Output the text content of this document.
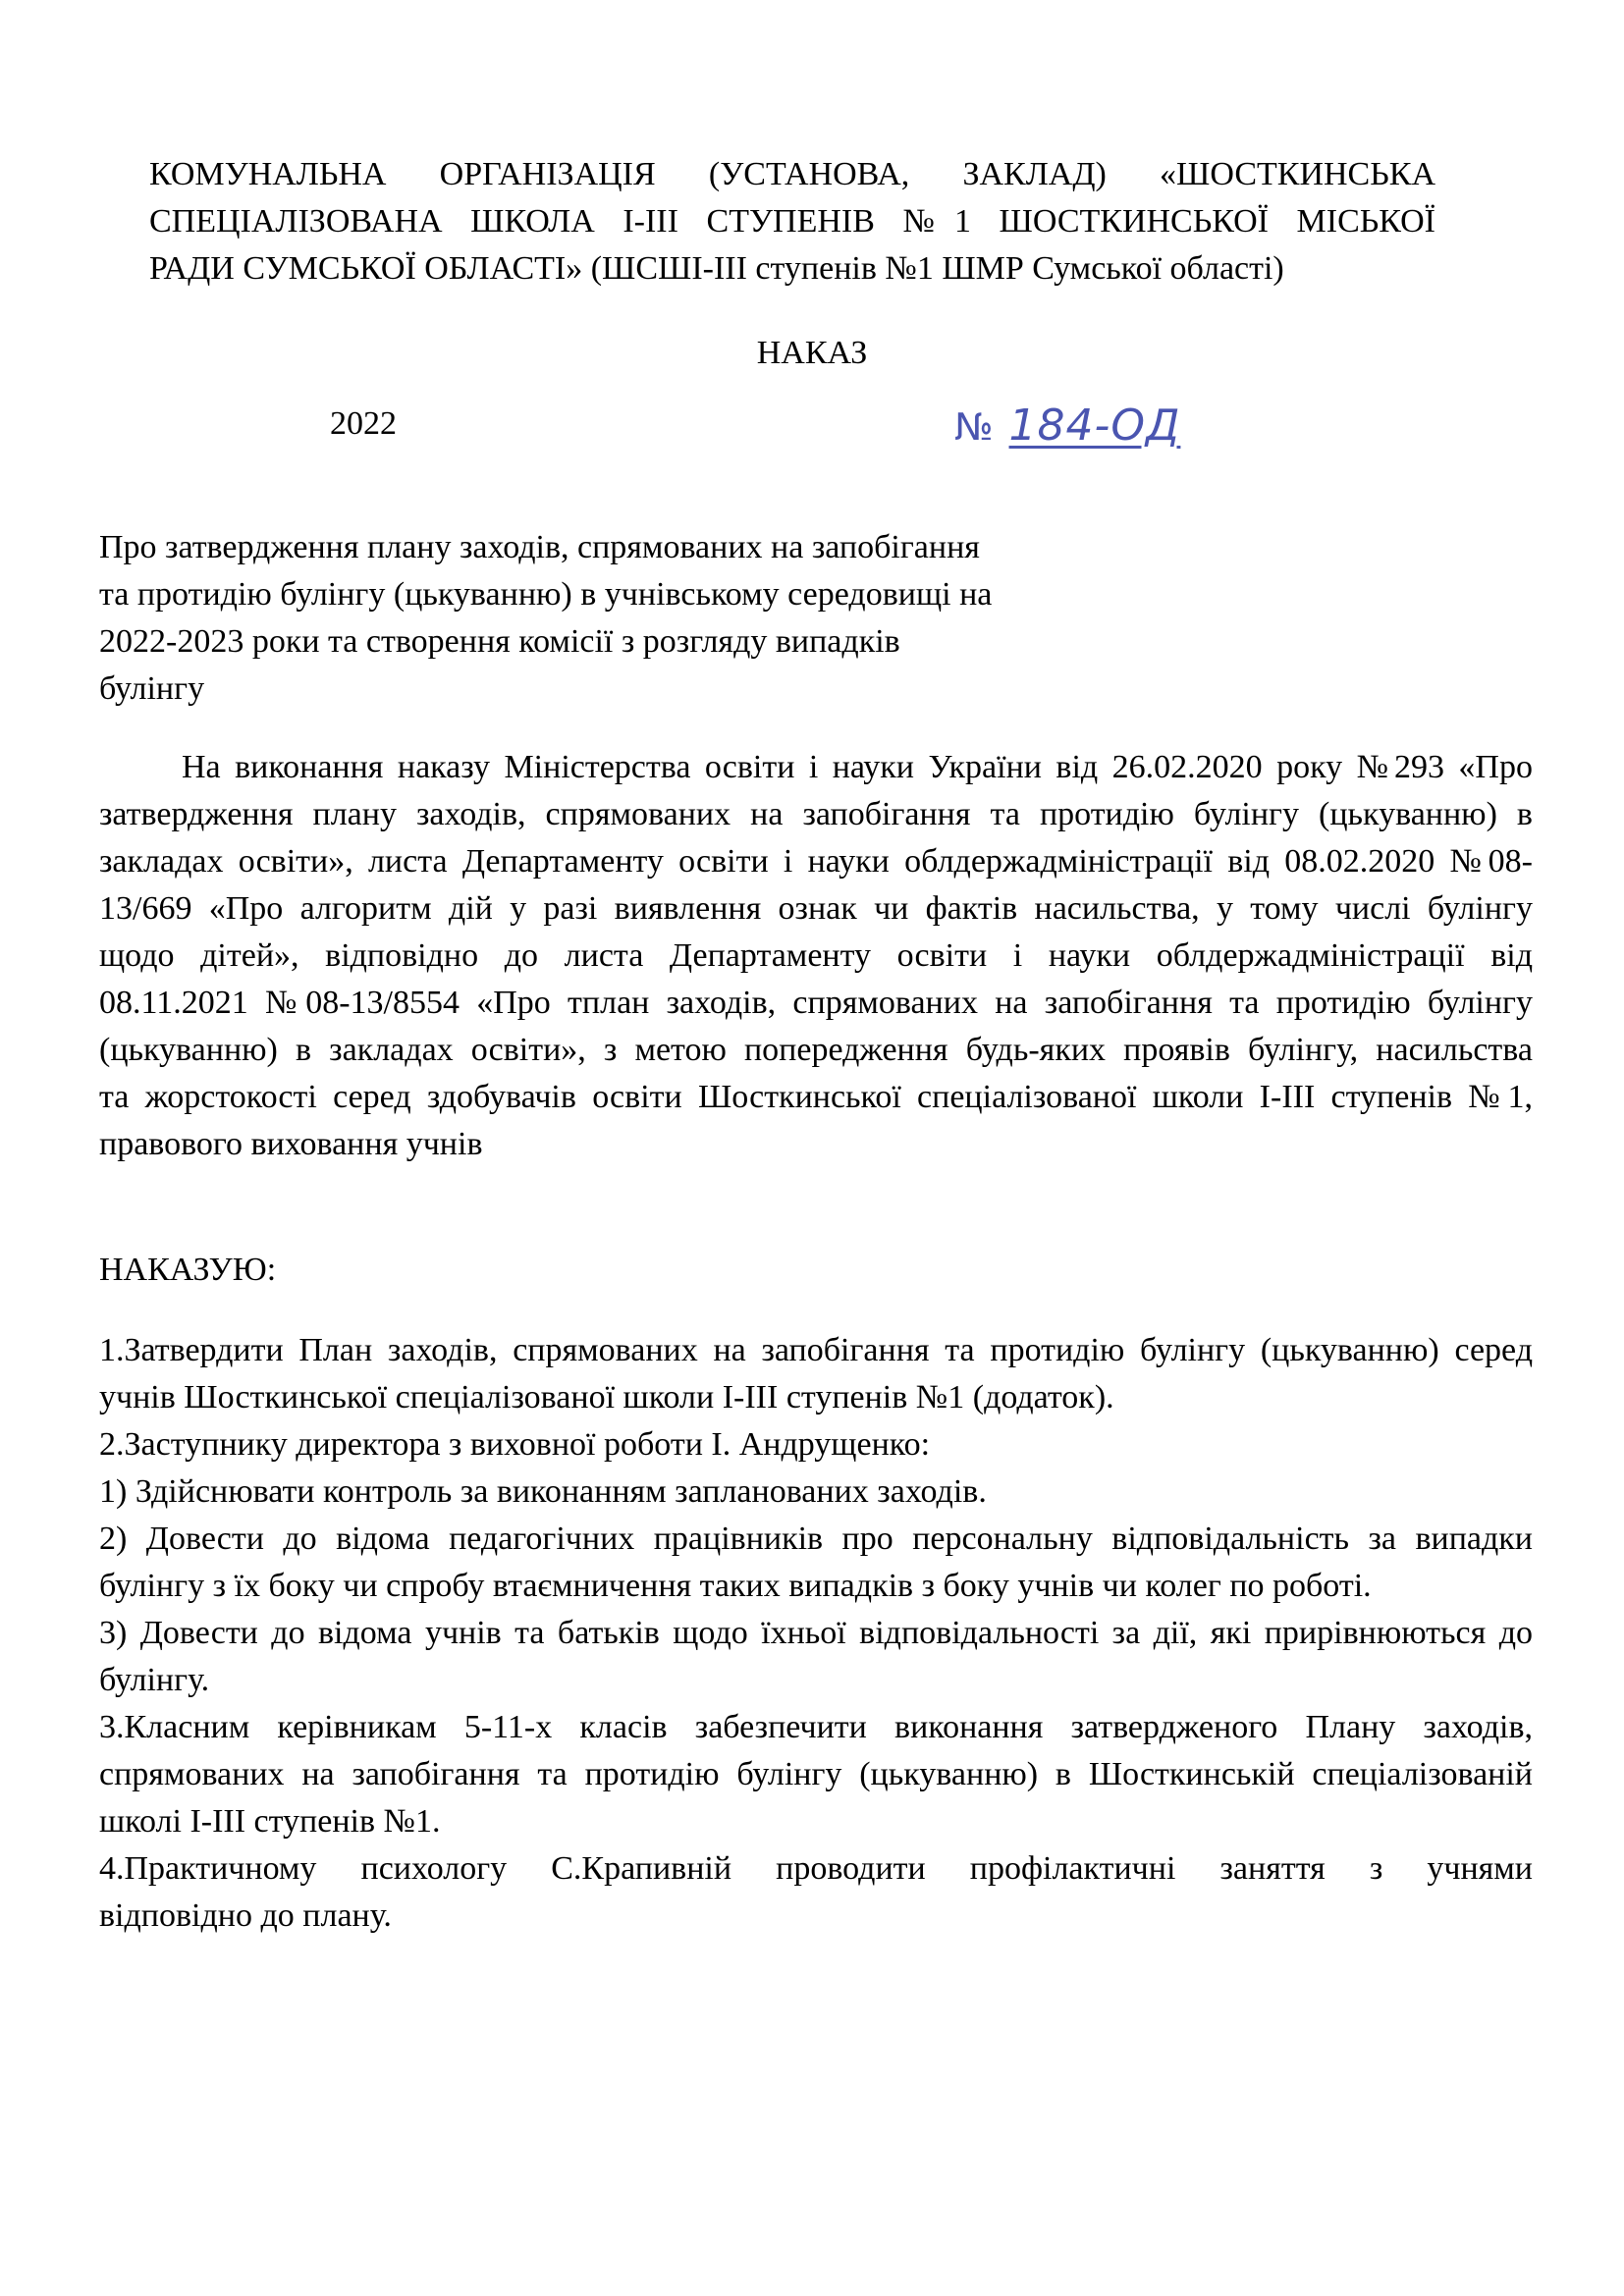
КОМУНАЛЬНА ОРГАНІЗАЦІЯ (УСТАНОВА, ЗАКЛАД) «ШОСТКИНСЬКА
СПЕЦІАЛІЗОВАНА ШКОЛА І-ІІІ СТУПЕНІВ №1 ШОСТКИНСЬКОЇ МІСЬКОЇ
РАДИ СУМСЬКОЇ ОБЛАСТІ» (ШСШІ-ІІІ ступенів №1 ШМР Сумської області)
НАКАЗ
2022	№ 184-ОД
Про затвердження плану заходів, спрямованих на запобігання
та протидію булінгу (цькуванню) в учнівському середовищі на
2022-2023 роки та створення комісії з розгляду випадків
булінгу
На виконання наказу Міністерства освіти і науки України від 26.02.2020 року №293 «Про
затвердження плану заходів, спрямованих на запобігання та протидію булінгу (цькуванню) в
закладах освіти», листа Департаменту освіти і науки облдержадміністрації від 08.02.2020 №08-
13/669 «Про алгоритм дій у разі виявлення ознак чи фактів насильства, у тому числі булінгу
щодо дітей», відповідно до листа Департаменту освіти і науки облдержадміністрації від
08.11.2021 №08-13/8554 «Про тплан заходів, спрямованих на запобігання та протидію булінгу
(цькуванню) в закладах освіти», з метою попередження будь-яких проявів булінгу, насильства
та жорстокості серед здобувачів освіти Шосткинської спеціалізованої школи І-ІІІ ступенів №1,
правового виховання учнів
НАКАЗУЮ:
1.Затвердити План заходів, спрямованих на запобігання та протидію булінгу (цькуванню) серед
учнів Шосткинської спеціалізованої школи І-ІІІ ступенів №1 (додаток).
2.Заступнику директора з виховної роботи І. Андрущенко:
1) Здійснювати контроль за виконанням запланованих заходів.
2) Довести до відома педагогічних працівників про персональну відповідальність за випадки
булінгу з їх боку чи спробу втаємничення таких випадків з боку учнів чи колег по роботі.
3) Довести до відома учнів та батьків щодо їхньої відповідальності за дії, які прирівнюються до
булінгу.
3.Класним керівникам 5-11-х класів забезпечити виконання затвердженого Плану заходів,
спрямованих на запобігання та протидію булінгу (цькуванню) в Шосткинській спеціалізованій
школі І-ІІІ ступенів №1.
4.Практичному психологу С.Крапивній проводити профілактичні заняття з учнями
відповідно до плану.
